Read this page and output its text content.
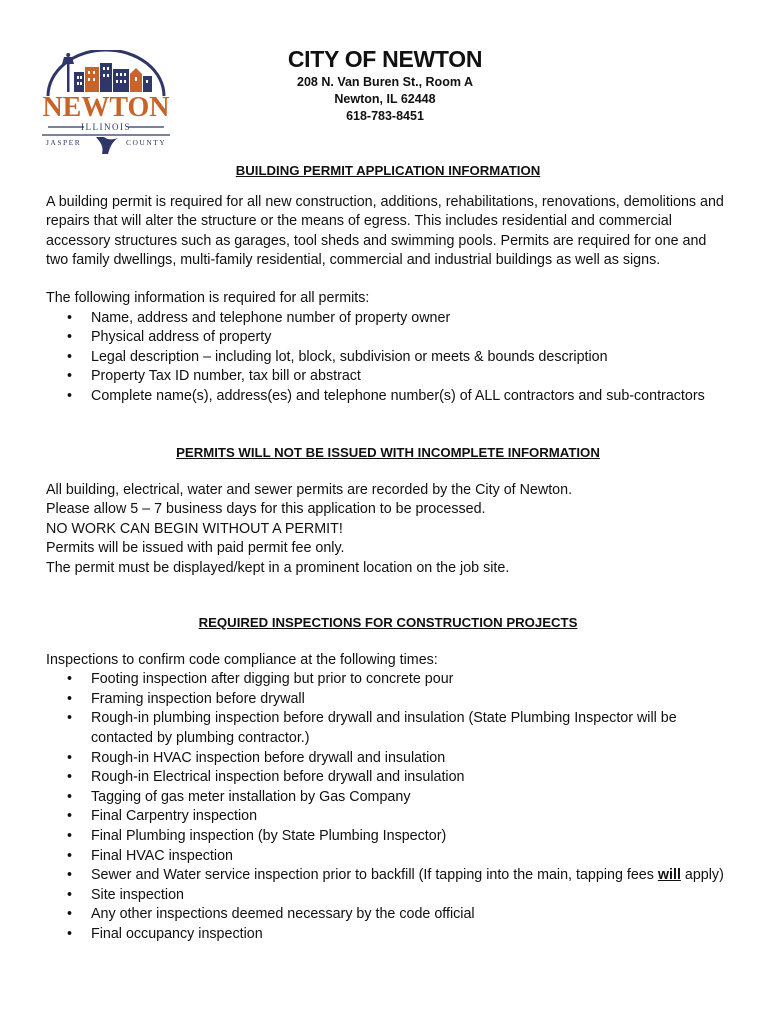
NEWTON
ILLINOIS
JASPER	COUNTY
CITY OF NEWTON
208 N. Van Buren St., Room A
Newton, IL 62448
618-783-8451
BUILDING PERMIT APPLICATION INFORMATION

A building permit is required for all new construction, additions, rehabilitations, renovations, demolitions and repairs that will alter the structure or the means of egress. This includes residential and commercial accessory structures such as garages, tool sheds and swimming pools. Permits are required for one and two family dwellings, multi-family residential, commercial and industrial buildings as well as signs.

The following information is required for all permits:

• Name, address and telephone number of property owner
• Physical address of property
• Legal description – including lot, block, subdivision or meets & bounds description
• Property Tax ID number, tax bill or abstract
• Complete name(s), address(es) and telephone number(s) of ALL contractors and sub-contractors
PERMITS WILL NOT BE ISSUED WITH INCOMPLETE INFORMATION

All building, electrical, water and sewer permits are recorded by the City of Newton.

Please allow 5 – 7 business days for this application to be processed.

NO WORK CAN BEGIN WITHOUT A PERMIT!

Permits will be issued with paid permit fee only.

The permit must be displayed/kept in a prominent location on the job site.

REQUIRED INSPECTIONS FOR CONSTRUCTION PROJECTS

Inspections to confirm code compliance at the following times:

• Footing inspection after digging but prior to concrete pour
• Framing inspection before drywall
• Rough-in plumbing inspection before drywall and insulation (State Plumbing Inspector will be contacted by plumbing contractor.)
• Rough-in HVAC inspection before drywall and insulation
• Rough-in Electrical inspection before drywall and insulation
• Tagging of gas meter installation by Gas Company
• Final Carpentry inspection
• Final Plumbing inspection (by State Plumbing Inspector)
• Final HVAC inspection
• Sewer and Water service inspection prior to backfill (If tapping into the main, tapping fees will apply)
• Site inspection
• Any other inspections deemed necessary by the code official
• Final occupancy inspection
